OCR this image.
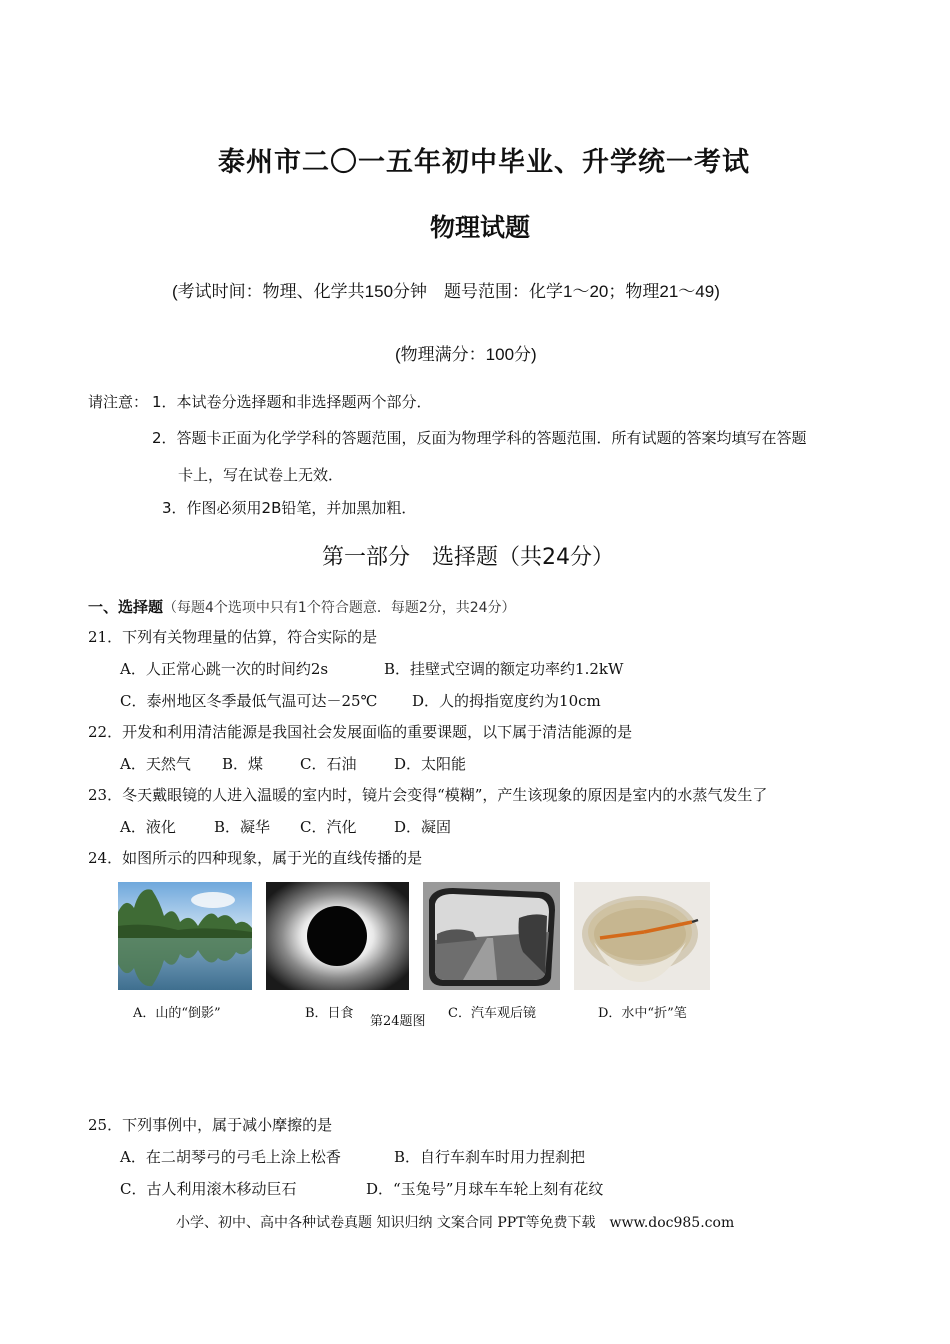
泰州市二〇一五年初中毕业、升学统一考试
物理试题
(考试时间：物理、化学共150分钟　题号范围：化学1～20；物理21～49)
(物理满分：100分)
请注意： 1．本试卷分选择题和非选择题两个部分．
2．答题卡正面为化学学科的答题范围，反面为物理学科的答题范围．所有试题的答案均填写在答题
卡上，写在试卷上无效．
3．作图必须用2B铅笔，并加黑加粗．
第一部分　选择题（共24分）
一、选择题（每题4个选项中只有1个符合题意．每题2分，共24分）
21．下列有关物理量的估算，符合实际的是
A．人正常心跳一次的时间约2s	B．挂壁式空调的额定功率约1.2kW
C．泰州地区冬季最低气温可达－25℃ D．人的拇指宽度约为10cm
22．开发和利用清洁能源是我国社会发展面临的重要课题，以下属于清洁能源的是
A．天然气 B．煤 C．石油	D．太阳能
23．冬天戴眼镜的人进入温暖的室内时，镜片会变得“模糊”，产生该现象的原因是室内的水蒸气发生了
A．液化	B．凝华 C．汽化	D．凝固
24．如图所示的四种现象，属于光的直线传播的是
A．山的“倒影”	B．日食
第24题图
C．汽车观后镜	D．水中“折”笔
25．下列事例中，属于减小摩擦的是
A．在二胡琴弓的弓毛上涂上松香	B．自行车刹车时用力捏刹把
C．古人利用滚木移动巨石	D．“玉兔号”月球车车轮上刻有花纹
小学、初中、高中各种试卷真题 知识归纳 文案合同 PPT等免费下载　www.doc985.com
